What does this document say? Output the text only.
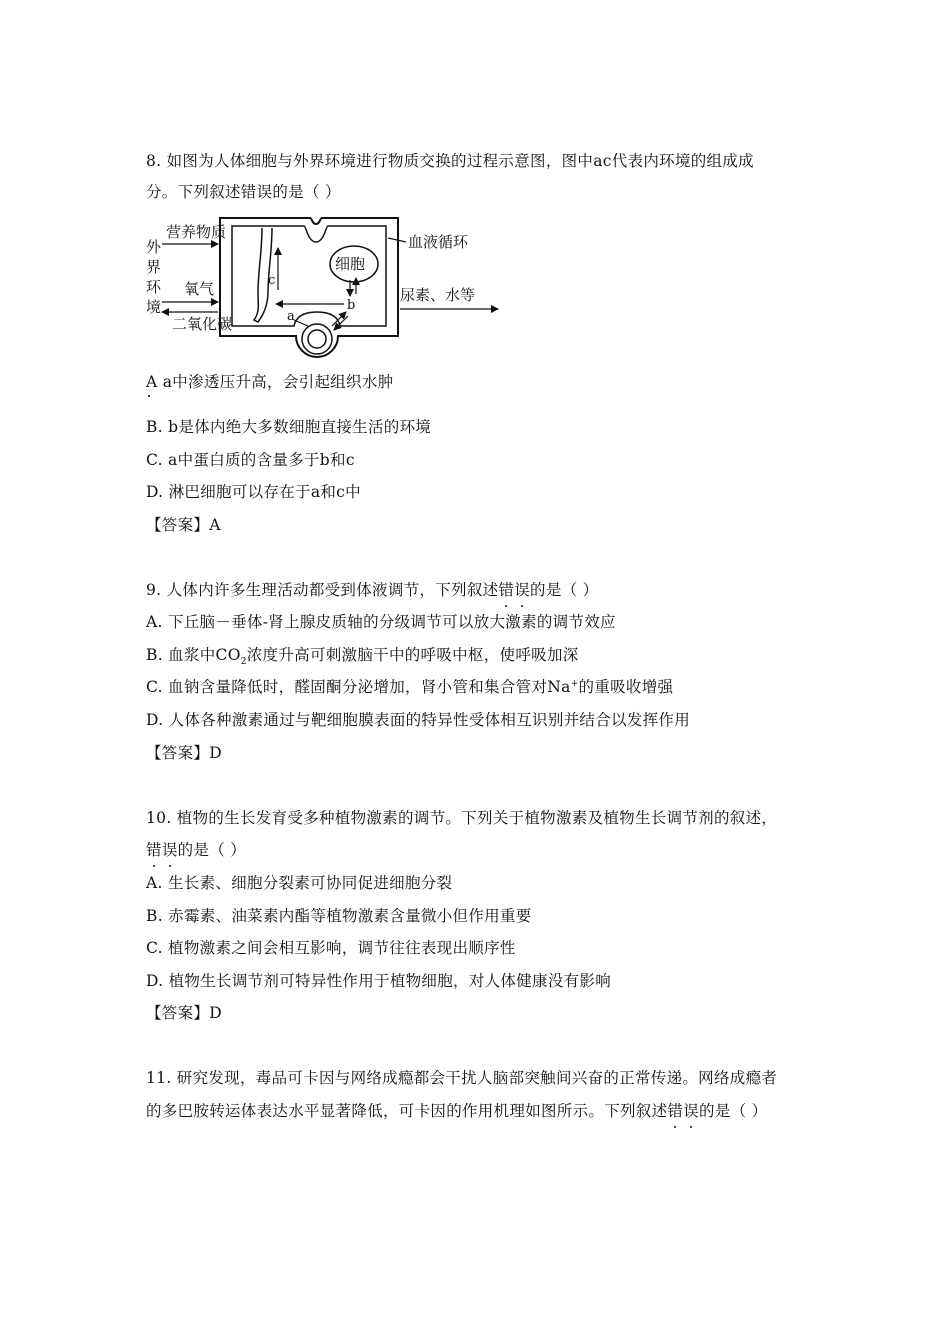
8. 如图为人体细胞与外界环境进行物质交换的过程示意图，图中ac代表内环境的组成成
分。下列叙述错误的是（ ）
细胞
c
b
a
外
界
环
境
营养物质
氧气
二氧化碳
血液循环
尿素、水等
A a中渗透压升高，会引起组织水肿
B. b是体内绝大多数细胞直接生活的环境
C. a中蛋白质的含量多于b和c
D. 淋巴细胞可以存在于a和c中
【答案】A
9. 人体内许多生理活动都受到体液调节，下列叙述错误的是（ ）
A. 下丘脑－垂体-肾上腺皮质轴的分级调节可以放大激素的调节效应
B. 血浆中$CO_2$浓度升高可刺激脑干中的呼吸中枢，使呼吸加深
C. 血钠含量降低时，醛固酮分泌增加，肾小管和集合管对Na+的重吸收增强
D. 人体各种激素通过与靶细胞膜表面的特异性受体相互识别并结合以发挥作用
【答案】D
10. 植物的生长发育受多种植物激素的调节。下列关于植物激素及植物生长调节剂的叙述，
错误的是（ ）
A. 生长素、细胞分裂素可协同促进细胞分裂
B. 赤霉素、油菜素内酯等植物激素含量微小但作用重要
C. 植物激素之间会相互影响，调节往往表现出顺序性
D. 植物生长调节剂可特异性作用于植物细胞，对人体健康没有影响
【答案】D
11. 研究发现，毒品可卡因与网络成瘾都会干扰人脑部突触间兴奋的正常传递。网络成瘾者
的多巴胺转运体表达水平显著降低，可卡因的作用机理如图所示。下列叙述错误的是（ ）
